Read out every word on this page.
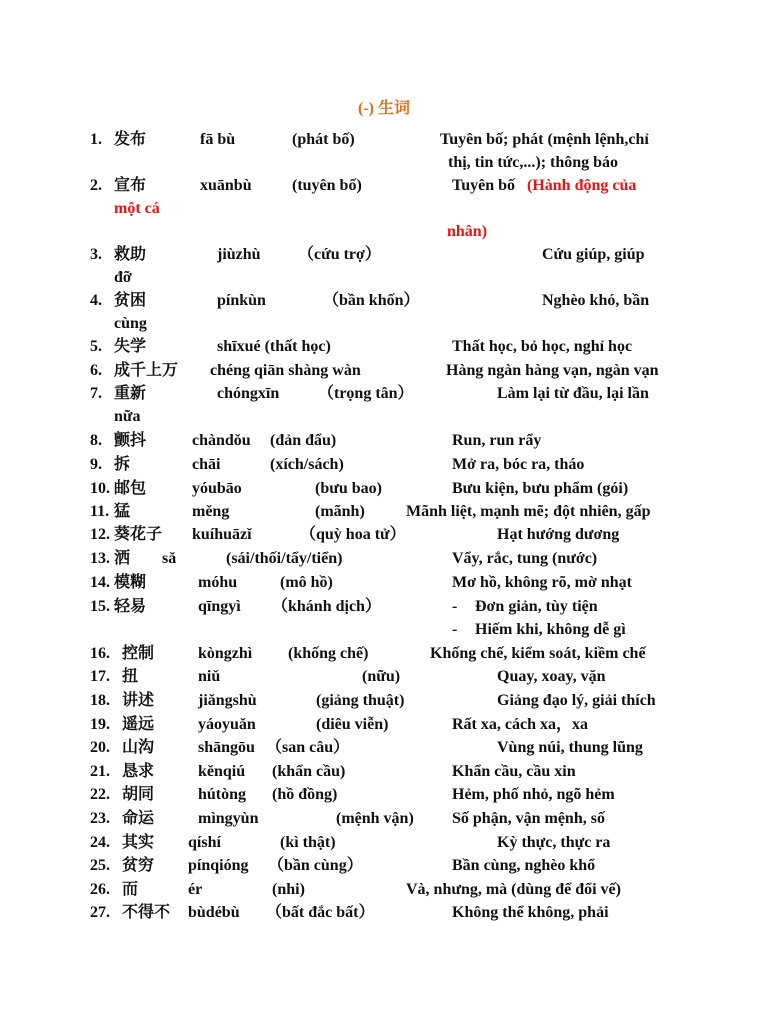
(-) 生词
1. 发布	fā bù	(phát bố)	Tuyên bố; phát (mệnh lệnh,chỉ
thị, tin tức,...); thông báo
2. 宣布	xuānbù	(tuyên bố)	Tuyên bố (Hành động của
một cá
nhân)
3. 救助	jiùzhù （cứu trợ）	Cứu giúp, giúp
đỡ
4. 贫困	pínkùn	（bần khốn）	Nghèo khó, bần
cùng
5. 失学	shīxué (thất học)	Thất học, bỏ học, nghỉ học
6. 成千上万 chéng qiān shàng wàn	Hàng ngàn hàng vạn, ngàn vạn
7. 重新	chóngxīn （trọng tân）	Làm lại từ đầu, lại lần
nữa
8. 颤抖	chàndǒu (đản đẩu)	Run, run rẩy
9. 拆	chāi	(xích/sách)	Mở ra, bóc ra, tháo
10. 邮包	yóubāo	(bưu bao)	Bưu kiện, bưu phẩm (gói)
11. 猛	měng	(mãnh)	Mãnh liệt, mạnh mẽ; đột nhiên, gấp
12. 葵花子 kuíhuāzǐ	（quỳ hoa tử）	Hạt hướng dương
13. 洒 sǎ	(sái/thối/tẩy/tiển)	Vẩy, rắc, tung (nước)
14. 模糊	móhu	(mô hồ)	Mơ hồ, không rõ, mờ nhạt
15. 轻易	qīngyì （khánh dịch）	- Đơn giản, tùy tiện
- Hiếm khi, không dễ gì
16. 控制	kòngzhì (khống chế)	Khống chế, kiểm soát, kiềm chế
17. 扭	niǔ	(nữu)	Quay, xoay, vặn
18. 讲述	jiǎngshù	(giảng thuật)	Giảng đạo lý, giải thích
19. 遥远	yáoyuǎn	(diêu viễn)	Rất xa, cách xa，xa
20. 山沟	shāngōu （san câu）	Vùng núi, thung lũng
21. 恳求	kěnqiú (khẩn cầu)	Khẩn cầu, cầu xin
22. 胡同	hútòng (hồ đồng)	Hẻm, phố nhỏ, ngõ hẻm
23. 命运	mìngyùn	(mệnh vận) Số phận, vận mệnh, số
24. 其实 qíshí	(kì thật)	Kỳ thực, thực ra
25. 贫穷 pínqióng （bần cùng）	Bần cùng, nghèo khổ
26. 而	ér	(nhi)	Và, nhưng, mà (dùng để đổi vế)
27. 不得不 bùdébù （bất đắc bất）	Không thể không, phải
